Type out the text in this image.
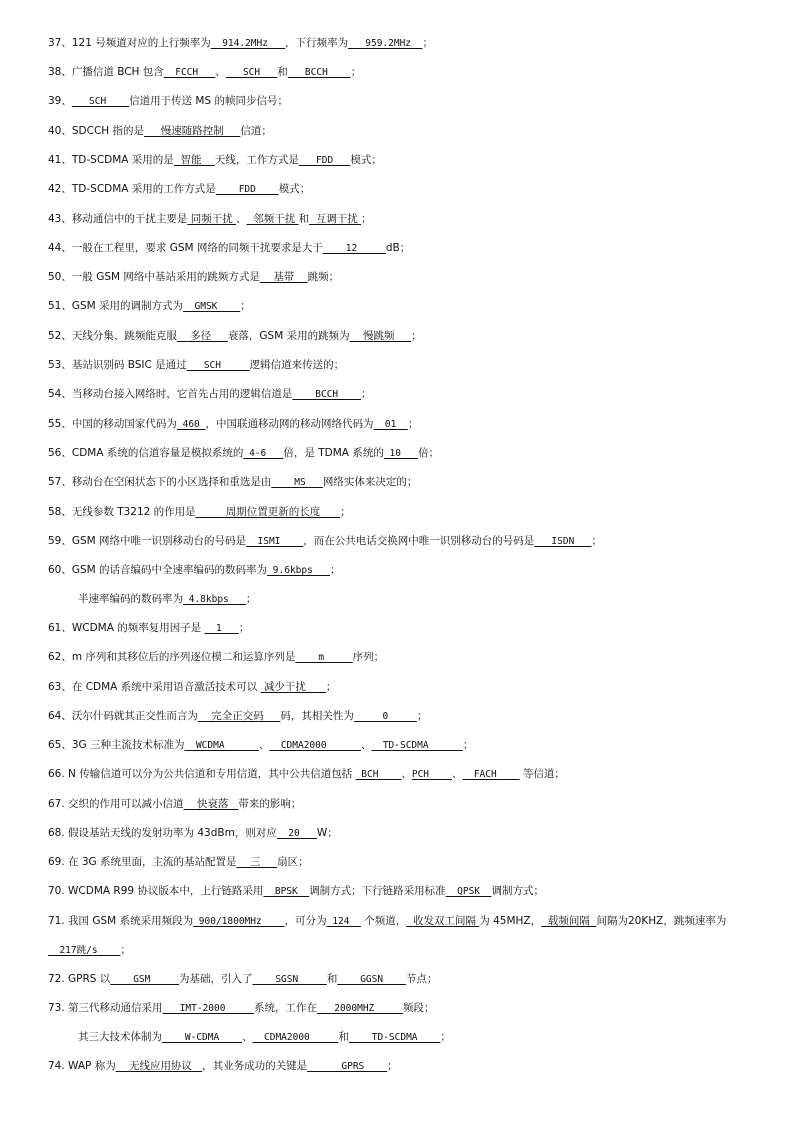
37、121 号频道对应的上行频率为  914.2MHz   ，下行频率为   959.2MHz  ；
38、广播信道 BCH 包含  FCCH   、   SCH   和   BCCH    ；
39、   SCH    信道用于传送 MS 的帧同步信号；
40、SDCCH 指的是     慢速随路控制     信道；
41、TD-SCDMA 采用的是  智能    天线，工作方式是   FDD   模式；
42、TD-SCDMA 采用的工作方式是    FDD    模式；
43、移动通信中的干扰主要是 同频干扰 、  邻频干扰 和  互调干扰 ；
44、一般在工程里，要求 GSM 网络的同频干扰要求是大于    12     dB；
50、一般 GSM 网络中基站采用的跳频方式是    基带    跳频；
51、GSM 采用的调制方式为  GMSK    ；
52、天线分集、跳频能克服    多径     衰落，GSM 采用的跳频为    慢跳频     ；
53、基站识别码 BSIC 是通过   SCH     逻辑信道来传送的；
54、当移动台接入网络时，它首先占用的逻辑信道是    BCCH    ；
55、中国的移动国家代码为 460 ，中国联通移动网的移动网络代码为  01  ；
56、CDMA 系统的信道容量是模拟系统的 4-6   倍，是 TDMA 系统的 10   倍；
57、移动台在空闲状态下的小区选择和重选是由    MS   网络实体来决定的；
58、无线参数 T3212 的作用是         周期位置更新的长度      ；
59、GSM 网络中唯一识别移动台的号码是  ISMI    ，而在公共电话交换网中唯一识别移动台的号码是   ISDN   ；
60、GSM 的话音编码中全速率编码的数码率为 9.6kbps   ；
半速率编码的数码率为 4.8kbps   ；
61、WCDMA 的频率复用因子是   1   ；
62、m 序列和其移位后的序列逐位模二和运算序列是    m     序列；
63、在 CDMA 系统中采用语音激活技术可以  减少干扰      ；
64、沃尔什码就其正交性而言为    完全正交码     码，其相关性为     0     ；
65、3G 三种主流技术标准为  WCDMA      、  CDMA2000      、  TD-SCDMA      ；
66. N 传输信道可以分为公共信道和专用信道，其中公共信道包括  BCH    、PCH    、  FACH     等信道；
67. 交织的作用可以减小信道    快衰落   带来的影响；
68. 假设基站天线的发射功率为 43dBm，则对应  20   W；
69. 在 3G 系统里面，主流的基站配置是    三     扇区；
70. WCDMA R99 协议版本中，上行链路采用  BPSK  调制方式；下行链路采用标准  QPSK  调制方式；
71. 我国 GSM 系统采用频段为 900/1800MHz    ，可分为 124   个频道，  收发双工间隔 为 45MHZ，  载频间隔  间隔为20KHZ，跳频速率为  217跳/s    ；
72. GPRS 以    GSM     为基础，引入了    SGSN     和    GGSN    节点；
73. 第三代移动通信采用   IMT-2000     系统，工作在   2000MHZ     频段；
其三大技术体制为    W-CDMA    、  CDMA2000     和    TD-SCDMA    ；
74. WAP 称为    无线应用协议   ，其业务成功的关键是      GPRS    ；
